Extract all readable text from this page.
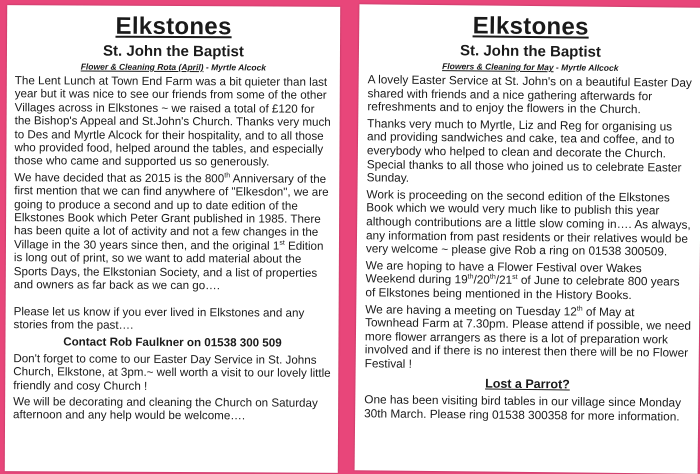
Elkstones
St. John the Baptist
Flower & Cleaning Rota (April) - Myrtle Alcock

The Lent Lunch at Town End Farm was a bit quieter than last year but it was nice to see our friends from some of the other Villages across in Elkstones ~ we raised a total of £120 for the Bishop's Appeal and St.John's Church. Thanks very much to Des and Myrtle Alcock for their hospitality, and to all those who provided food, helped around the tables, and especially those who came and supported us so generously.

We have decided that as 2015 is the 800th Anniversary of the first mention that we can find anywhere of "Elkesdon", we are going to produce a second and up to date edition of the Elkstones Book which Peter Grant published in 1985. There has been quite a lot of activity and not a few changes in the Village in the 30 years since then, and the original 1st Edition is long out of print, so we want to add material about the Sports Days, the Elkstonian Society, and a list of properties and owners as far back as we can go….

Please let us know if you ever lived in Elkstones and any stories from the past….

Contact Rob Faulkner on 01538 300 509

Don't forget to come to our Easter Day Service in St. Johns Church, Elkstone, at 3pm.~ well worth a visit to our lovely little friendly and cosy Church !

We will be decorating and cleaning the Church on Saturday afternoon and any help would be welcome….

Elkstones
St. John the Baptist
Flowers & Cleaning for May - Myrtle Allcock

A lovely Easter Service at St. John's on a beautiful Easter Day shared with friends and a nice gathering afterwards for refreshments and to enjoy the flowers in the Church.

Thanks very much to Myrtle, Liz and Reg for organising us and providing sandwiches and cake, tea and coffee, and to everybody who helped to clean and decorate the Church. Special thanks to all those who joined us to celebrate Easter Sunday.

Work is proceeding on the second edition of the Elkstones Book which we would very much like to publish this year although contributions are a little slow coming in…. As always, any information from past residents or their relatives would be very welcome ~ please give Rob a ring on 01538 300509.

We are hoping to have a Flower Festival over Wakes Weekend during 19th/20th/21st of June to celebrate 800 years of Elkstones being mentioned in the History Books.

We are having a meeting on Tuesday 12th of May at Townhead Farm at 7.30pm. Please attend if possible, we need more flower arrangers as there is a lot of preparation work involved and if there is no interest then there will be no Flower Festival !

Lost a Parrot?

One has been visiting bird tables in our village since Monday 30th March. Please ring 01538 300358 for more information.
